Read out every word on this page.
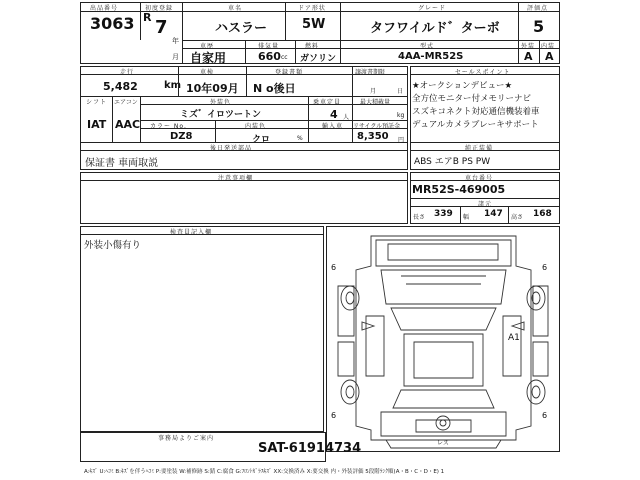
出品番号
3063
初度登録
R 7
年
車名
ハスラー
ドア形状
5W
グレード
タフワイルド゛ターボ
評価点
5
車歴
月 自家用
排気量
660 cc
燃料
ガソリン
型式
4AA-MR52S
外装
A
内装
A
走行
5,482	km
車検
10年09月
登録書類
N o後日
譲渡書期限
月	日
シフト
IAT
エアコン
AAC
外装色
ミズ゛イロツートン
乗車定員
4 人
最大積載量
kg
カラー No.
DZ8
内装色
クロ	%
輸入車 リサイクル預託金
8,350 円
後日発送部品
保証書 車両取説
セールスポイント
★オークションデビュー★
全方位モニター付メモリーナビ
スズキコネクト対応通信機装着車
デュアルカメラブレーキサポート
純正装備
ABS エアB PS PW
注意事項欄	車台番号
MR52S-469005
諸元
長さ 339 幅 147 高さ 168
検査員記入欄
外装小傷有り
6	6
6	6
A1
レス
事務局よりご案内
SAT-61914734
A:ｷｽﾞ U:ﾍｺﾐ B:ｷｽﾞを伴うﾍｺﾐ P:要塗装 W:補修跡 S:錆 C:腐食 G:ﾌﾛﾝﾄｶﾞﾗｽｷｽﾞ XX:交換済み X:要交換 内・外装評価 5段階ﾗﾝｸ順(A・B・C・D・E) 1
